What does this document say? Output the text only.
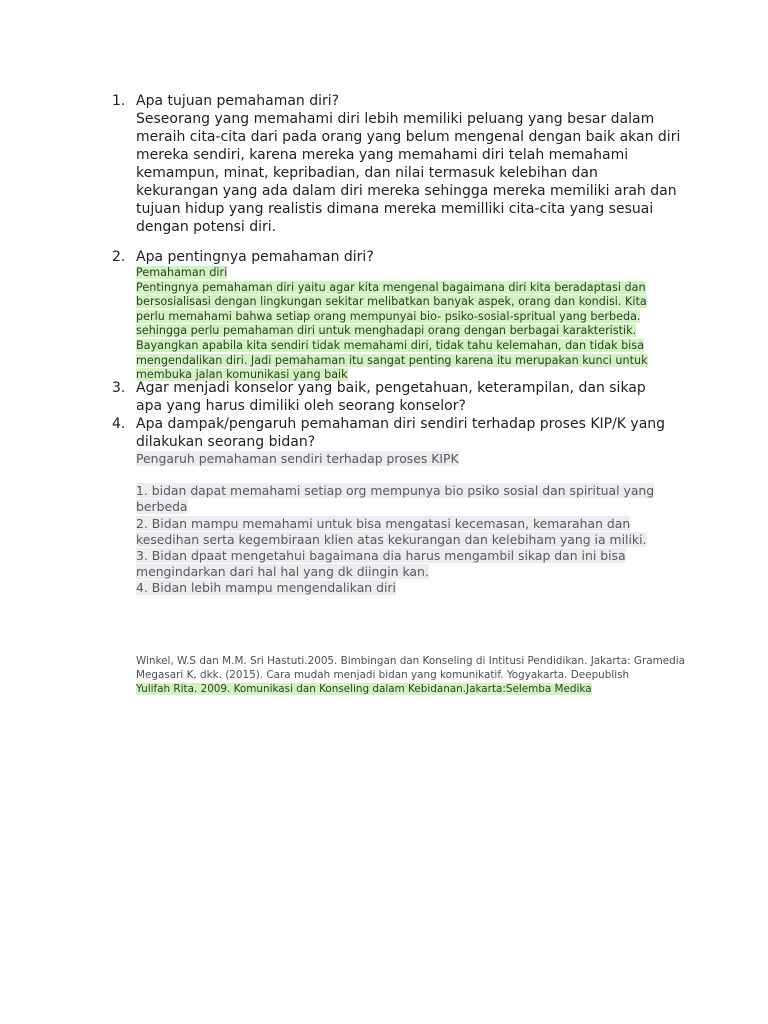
1. Apa tujuan pemahaman diri?
Seseorang yang memahami diri lebih memiliki peluang yang besar dalam meraih cita-cita dari pada orang yang belum mengenal dengan baik akan diri mereka sendiri, karena mereka yang memahami diri telah memahami kemampun, minat, kepribadian, dan nilai termasuk kelebihan dan kekurangan yang ada dalam diri mereka sehingga mereka memiliki arah dan tujuan hidup yang realistis dimana mereka memilliki cita-cita yang sesuai dengan potensi diri.
2. Apa pentingnya pemahaman diri?
Pemahaman diri
Pentingnya pemahaman diri yaitu agar kita mengenal bagaimana diri kita beradaptasi dan bersosialisasi dengan lingkungan sekitar melibatkan banyak aspek, orang dan kondisi. Kita perlu memahami bahwa setiap orang mempunyai bio- psiko-sosial-spritual yang berbeda. sehingga perlu pemahaman diri untuk menghadapi orang dengan berbagai karakteristik. Bayangkan apabila kita sendiri tidak memahami diri, tidak tahu kelemahan, dan tidak bisa mengendalikan diri. Jadi pemahaman itu sangat penting karena itu merupakan kunci untuk membuka jalan komunikasi yang baik
3. Agar menjadi konselor yang baik, pengetahuan, keterampilan, dan sikap apa yang harus dimiliki oleh seorang konselor?
4. Apa dampak/pengaruh pemahaman diri sendiri terhadap proses KIP/K yang dilakukan seorang bidan?
Pengaruh pemahaman sendiri terhadap proses KIPK
1. bidan dapat memahami setiap org mempunya bio psiko sosial dan spiritual yang berbeda
2. Bidan mampu memahami untuk bisa mengatasi kecemasan, kemarahan dan kesedihan serta kegembiraan klien atas kekurangan dan kelebiham yang ia miliki.
3. Bidan dpaat mengetahui bagaimana dia harus mengambil sikap dan ini bisa mengindarkan dari hal hal yang dk diingin kan.
4. Bidan lebih mampu mengendalikan diri
Winkel, W.S dan M.M. Sri Hastuti.2005. Bimbingan dan Konseling di Intitusi Pendidikan. Jakarta: Gramedia
Megasari K, dkk. (2015). Cara mudah menjadi bidan yang komunikatif. Yogyakarta. Deepublish
Yulifah Rita. 2009. Komunikasi dan Konseling dalam Kebidanan.Jakarta:Selemba Medika
